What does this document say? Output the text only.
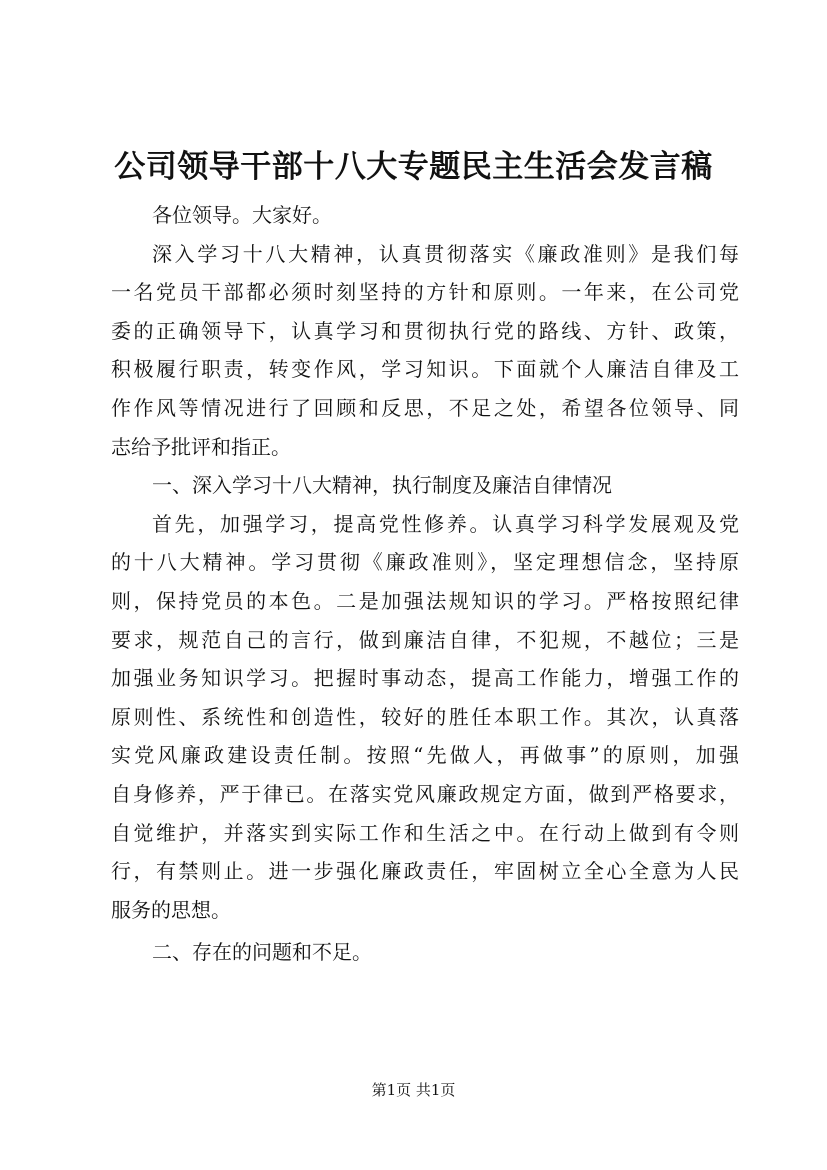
公司领导干部十八大专题民主生活会发言稿
各位领导。大家好。
深入学习十八大精神，认真贯彻落实《廉政准则》是我们每
一名党员干部都必须时刻坚持的方针和原则。一年来，在公司党
委的正确领导下，认真学习和贯彻执行党的路线、方针、政策，
积极履行职责，转变作风，学习知识。下面就个人廉洁自律及工
作作风等情况进行了回顾和反思，不足之处，希望各位领导、同
志给予批评和指正。
一、深入学习十八大精神，执行制度及廉洁自律情况
首先，加强学习，提高党性修养。认真学习科学发展观及党
的十八大精神。学习贯彻《廉政准则》，坚定理想信念，坚持原
则，保持党员的本色。二是加强法规知识的学习。严格按照纪律
要求，规范自己的言行，做到廉洁自律，不犯规，不越位；三是
加强业务知识学习。把握时事动态，提高工作能力，增强工作的
原则性、系统性和创造性，较好的胜任本职工作。其次，认真落
实党风廉政建设责任制。按照“先做人，再做事”的原则，加强
自身修养，严于律已。在落实党风廉政规定方面，做到严格要求，
自觉维护，并落实到实际工作和生活之中。在行动上做到有令则
行，有禁则止。进一步强化廉政责任，牢固树立全心全意为人民
服务的思想。
二、存在的问题和不足。
第1页 共1页
